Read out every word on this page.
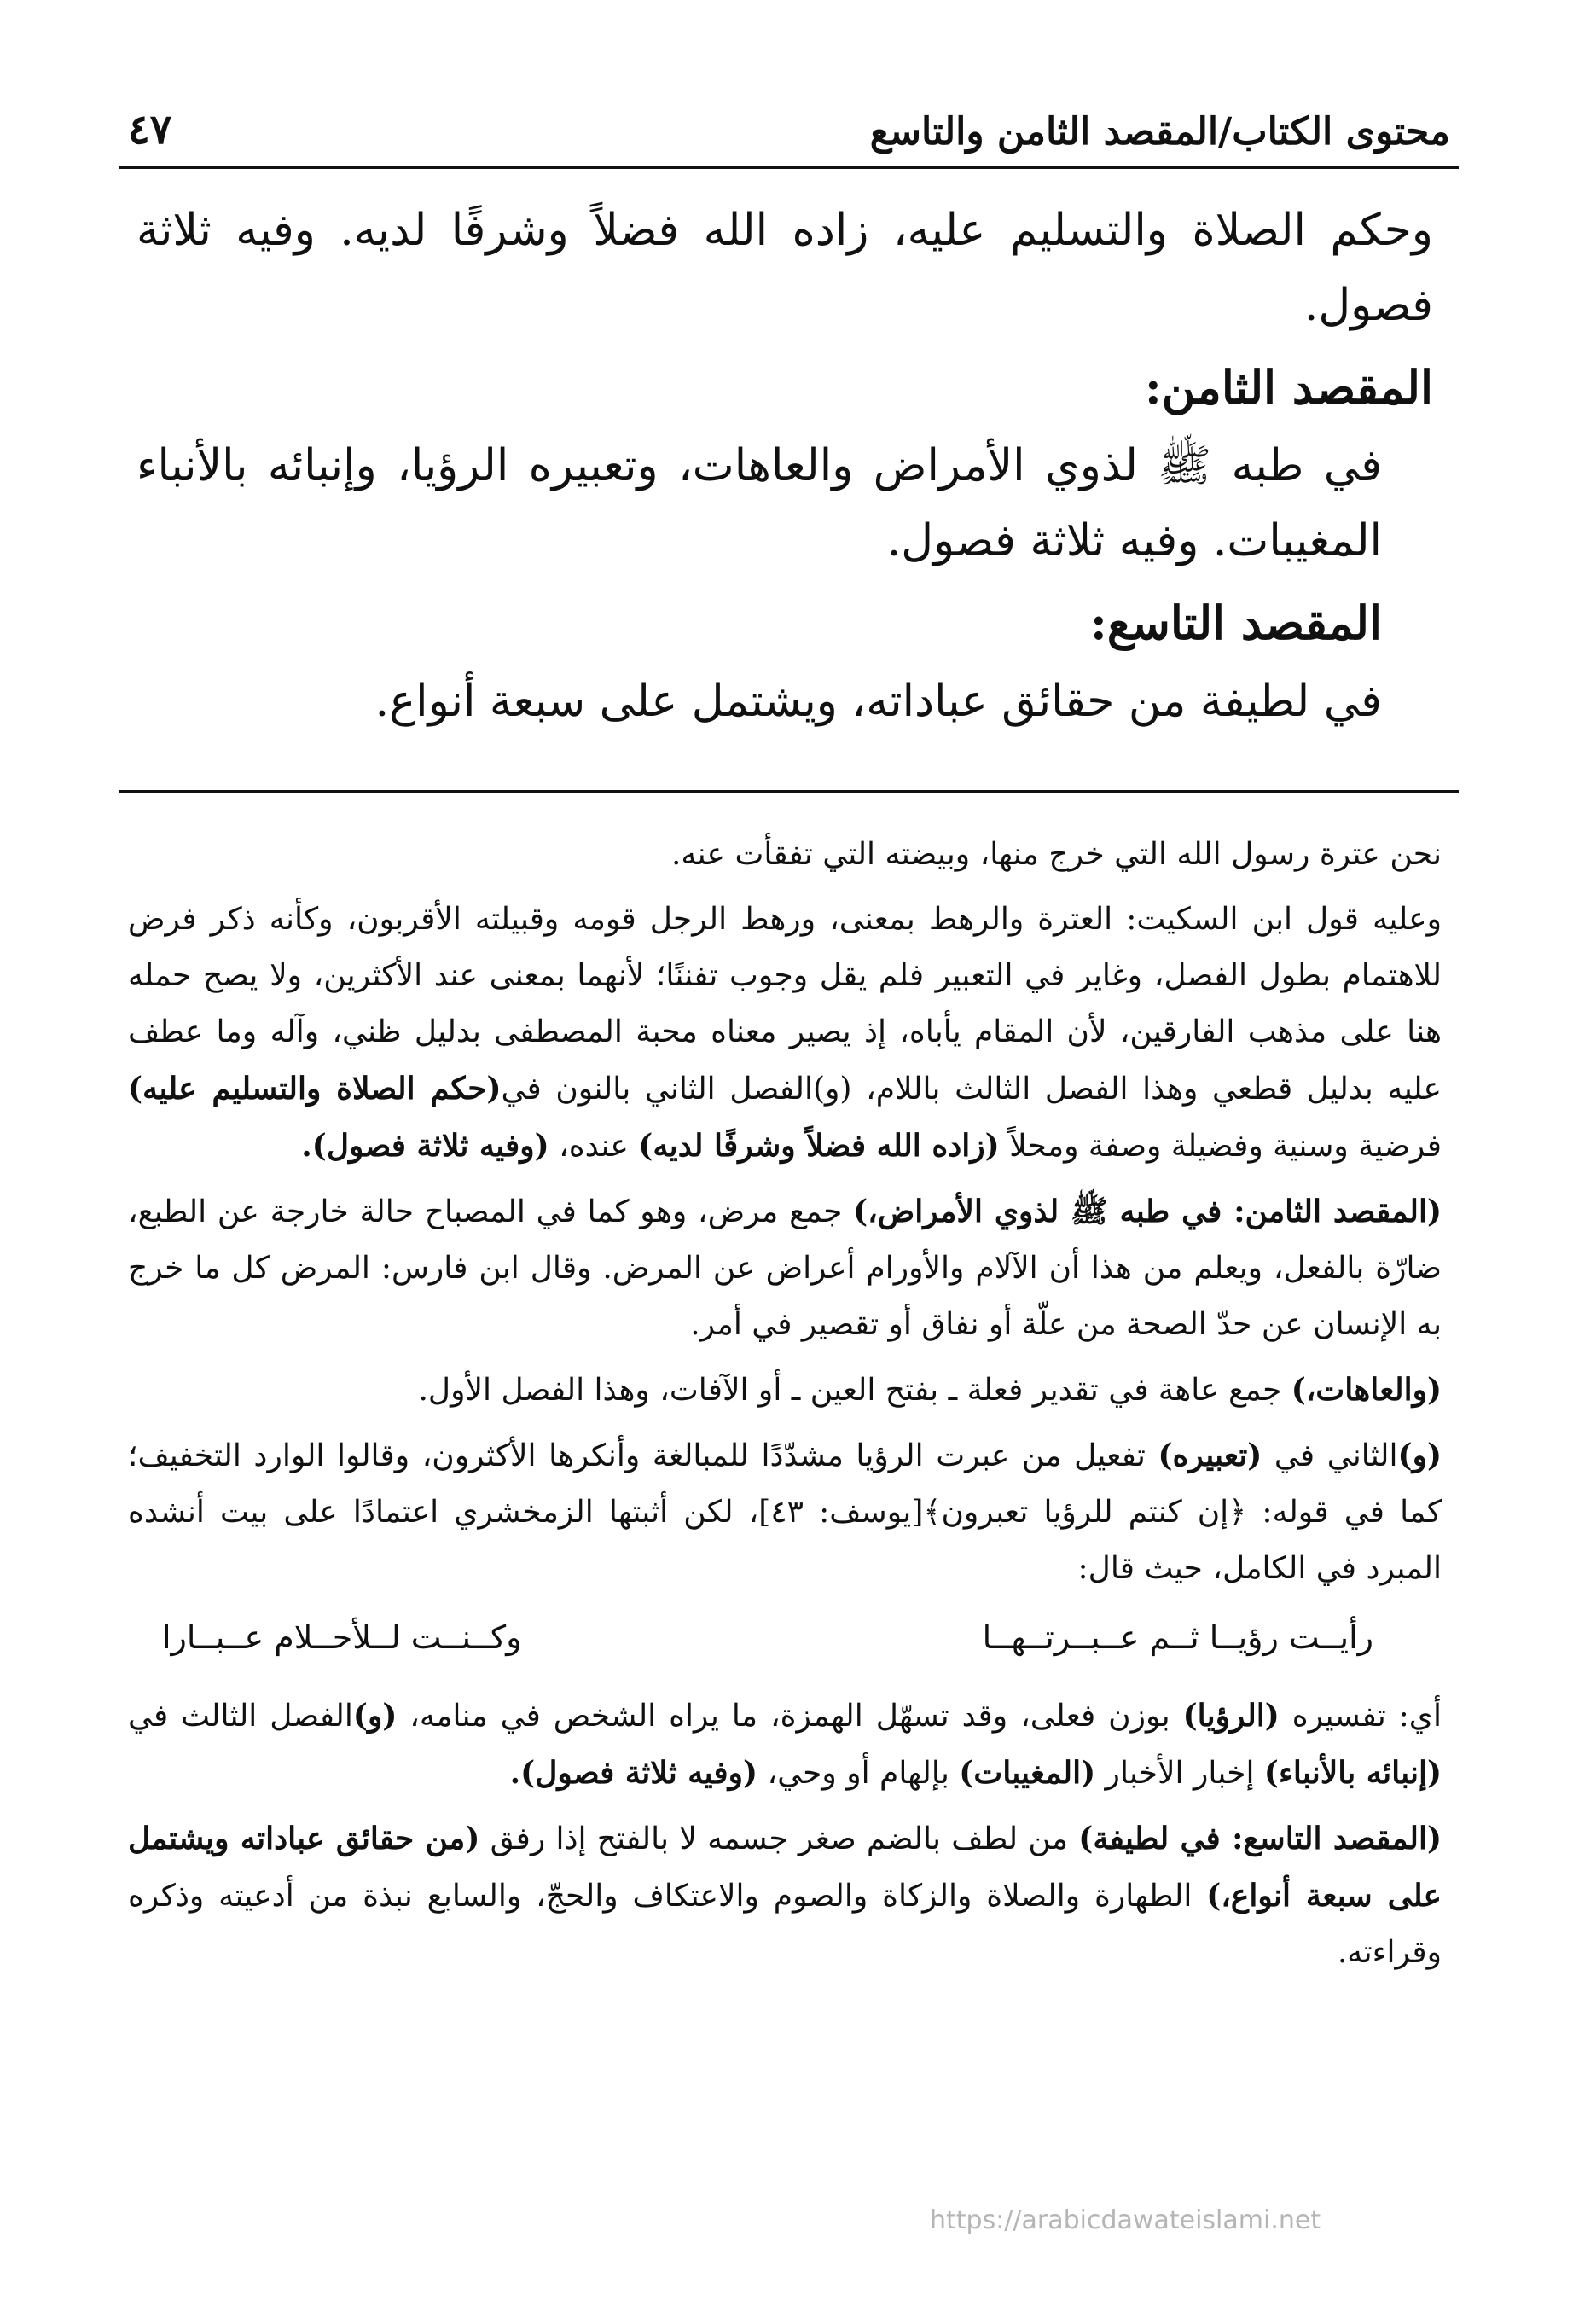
محتوى الكتاب/المقصد الثامن والتاسع
٤٧

وحكم الصلاة والتسليم عليه، زاده الله فضلاً وشرفًا لديه. وفيه ثلاثة فصول.

المقصد الثامن:

في طبه ﷺ لذوي الأمراض والعاهات، وتعبيره الرؤيا، وإنبائه بالأنباء المغيبات. وفيه ثلاثة فصول.

المقصد التاسع:

في لطيفة من حقائق عباداته، ويشتمل على سبعة أنواع.

نحن عترة رسول الله التي خرج منها، وبيضته التي تفقأت عنه.

وعليه قول ابن السكيت: العترة والرهط بمعنى، ورهط الرجل قومه وقبيلته الأقربون، وكأنه ذكر فرض للاهتمام بطول الفصل، وغاير في التعبير فلم يقل وجوب تفننًا؛ لأنهما بمعنى عند الأكثرين، ولا يصح حمله هنا على مذهب الفارقين، لأن المقام يأباه، إذ يصير معناه محبة المصطفى بدليل ظني، وآله وما عطف عليه بدليل قطعي وهذا الفصل الثالث باللام، (و)الفصل الثاني بالنون في(حكم الصلاة والتسليم عليه) فرضية وسنية وفضيلة وصفة ومحلاً (زاده الله فضلاً وشرفًا لديه) عنده، (وفيه ثلاثة فصول).

(المقصد الثامن: في طبه ﷺ لذوي الأمراض،) جمع مرض، وهو كما في المصباح حالة خارجة عن الطبع، ضارّة بالفعل، ويعلم من هذا أن الآلام والأورام أعراض عن المرض. وقال ابن فارس: المرض كل ما خرج به الإنسان عن حدّ الصحة من علّة أو نفاق أو تقصير في أمر.

(والعاهات،) جمع عاهة في تقدير فعلة ـ بفتح العين ـ أو الآفات، وهذا الفصل الأول.

(و)الثاني في (تعبيره) تفعيل من عبرت الرؤيا مشدّدًا للمبالغة وأنكرها الأكثرون، وقالوا الوارد التخفيف؛ كما في قوله: ﴿إن كنتم للرؤيا تعبرون﴾[يوسف: ٤٣]، لكن أثبتها الزمخشري اعتمادًا على بيت أنشده المبرد في الكامل، حيث قال:

رأيــت رؤيــا ثــم عــبــرتــهــا
وكــنــت لــلأحــلام عــبــارا

أي: تفسيره (الرؤيا) بوزن فعلى، وقد تسهّل الهمزة، ما يراه الشخص في منامه، (و)الفصل الثالث في (إنبائه بالأنباء) إخبار الأخبار (المغيبات) بإلهام أو وحي، (وفيه ثلاثة فصول).

(المقصد التاسع: في لطيفة) من لطف بالضم صغر جسمه لا بالفتح إذا رفق (من حقائق عباداته ويشتمل على سبعة أنواع،) الطهارة والصلاة والزكاة والصوم والاعتكاف والحجّ، والسابع نبذة من أدعيته وذكره وقراءته.

https://arabicdawateislami.net
